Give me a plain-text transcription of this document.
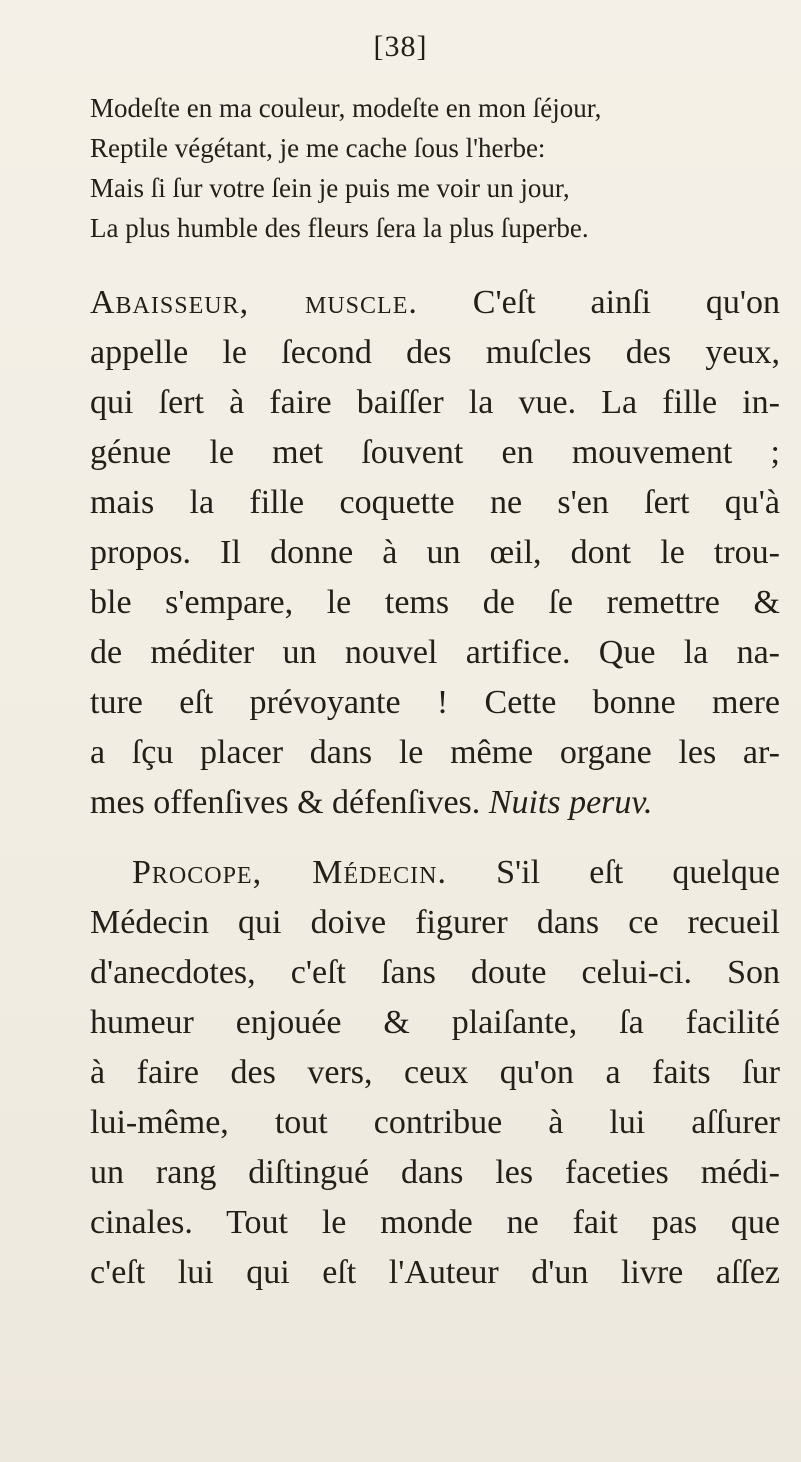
[38]
Modeſte en ma couleur, modeſte en mon ſéjour,
Reptile végétant, je me cache ſous l'herbe:
Mais ſi ſur votre ſein je puis me voir un jour,
La plus humble des fleurs ſera la plus ſuperbe.
Abaisseur, muscle. C'eſt ainſi qu'on
appelle le ſecond des muſcles des yeux,
qui ſert à faire baiſſer la vue. La fille in-
génue le met ſouvent en mouvement ;
mais la fille coquette ne s'en ſert qu'à
propos. Il donne à un œil, dont le trou-
ble s'empare, le tems de ſe remettre &
de méditer un nouvel artifice. Que la na-
ture eſt prévoyante ! Cette bonne mere
a ſçu placer dans le même organe les ar-
mes offenſives & défenſives. Nuits peruv.
Procope, Médecin. S'il eſt quelque
Médecin qui doive figurer dans ce recueil
d'anecdotes, c'eſt ſans doute celui-ci. Son
humeur enjouée & plaiſante, ſa facilité
à faire des vers, ceux qu'on a faits ſur
lui-même, tout contribue à lui aſſurer
un rang diſtingué dans les faceties médi-
cinales. Tout le monde ne fait pas que
c'eſt lui qui eſt l'Auteur d'un livre aſſez
